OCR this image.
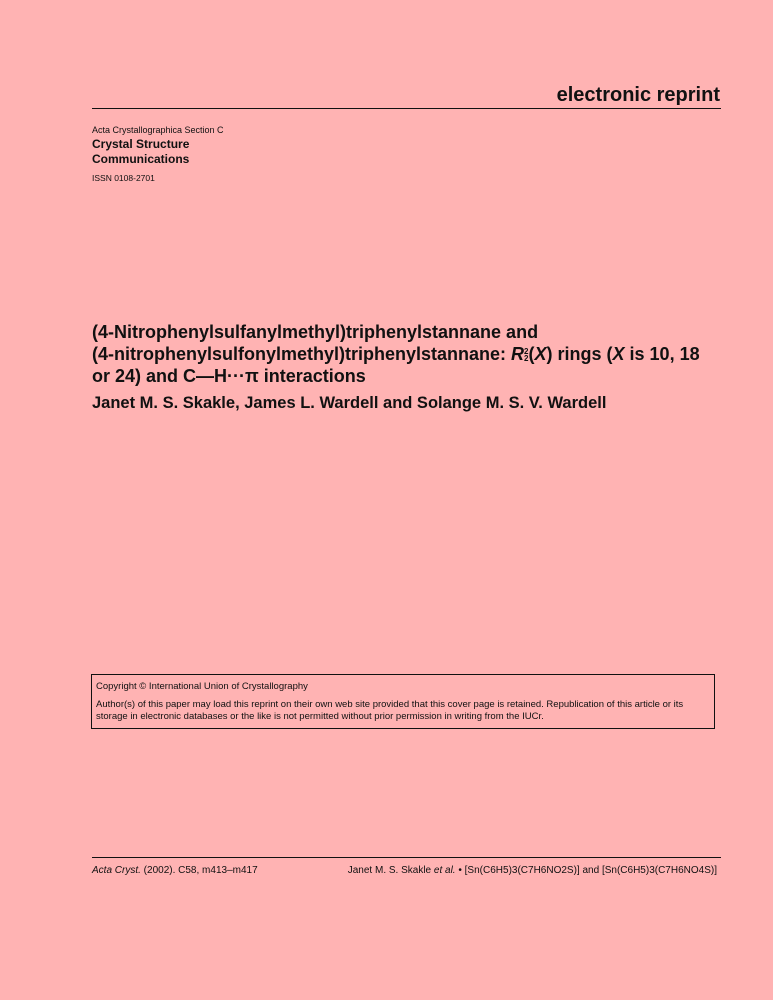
electronic reprint
Acta Crystallographica Section C
Crystal Structure
Communications
ISSN 0108-2701
(4-Nitrophenylsulfanylmethyl)triphenylstannane and
(4-nitrophenylsulfonylmethyl)triphenylstannane: R 2
2 (X) rings (X is 10, 18
or 24) and C—H···π interactions
Janet M. S. Skakle, James L. Wardell and Solange M. S. V. Wardell
Copyright © International Union of Crystallography
Author(s) of this paper may load this reprint on their own web site provided that this cover page is retained. Republication of this article or its storage in electronic databases or the like is not permitted without prior permission in writing from the IUCr.
Acta Cryst. (2002). C58, m413–m417	Janet M. S. Skakle et al. • [Sn(C6H5)3(C7H6NO2S)] and [Sn(C6H5)3(C7H6NO4S)]
